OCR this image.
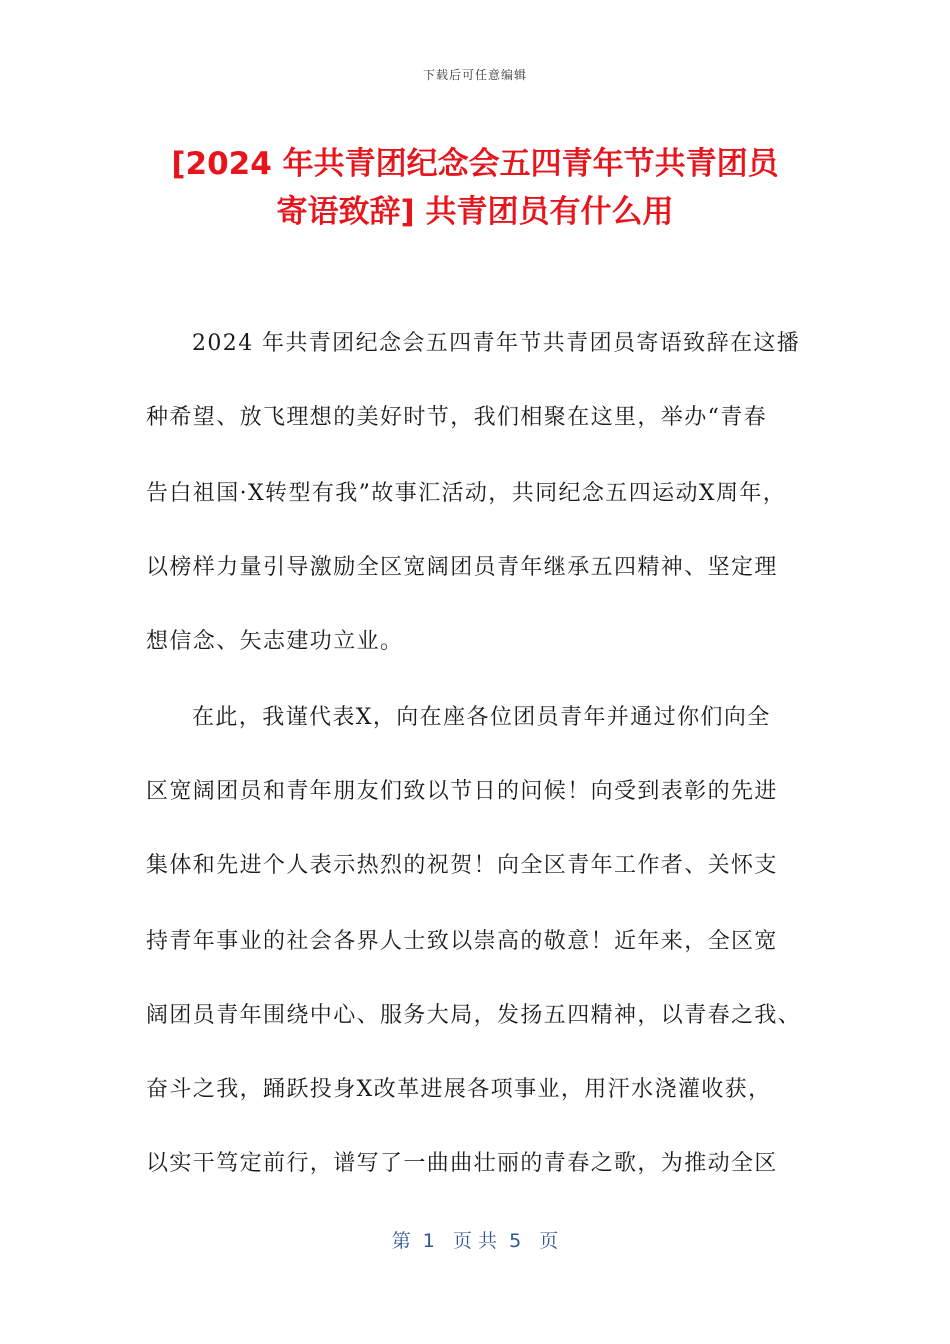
下载后可任意编辑
[2024 年共青团纪念会五四青年节共青团员
寄语致辞] 共青团员有什么用
2024 年共青团纪念会五四青年节共青团员寄语致辞在这播
种希望、放飞理想的美好时节，我们相聚在这里，举办“青春
告白祖国·X转型有我”故事汇活动，共同纪念五四运动X周年，
以榜样力量引导激励全区宽阔团员青年继承五四精神、坚定理
想信念、矢志建功立业。
在此，我谨代表X，向在座各位团员青年并通过你们向全
区宽阔团员和青年朋友们致以节日的问候！向受到表彰的先进
集体和先进个人表示热烈的祝贺！向全区青年工作者、关怀支
持青年事业的社会各界人士致以崇高的敬意！近年来，全区宽
阔团员青年围绕中心、服务大局，发扬五四精神，以青春之我、
奋斗之我，踊跃投身X改革进展各项事业，用汗水浇灌收获，
以实干笃定前行，谱写了一曲曲壮丽的青春之歌，为推动全区
第  1   页 共  5   页
